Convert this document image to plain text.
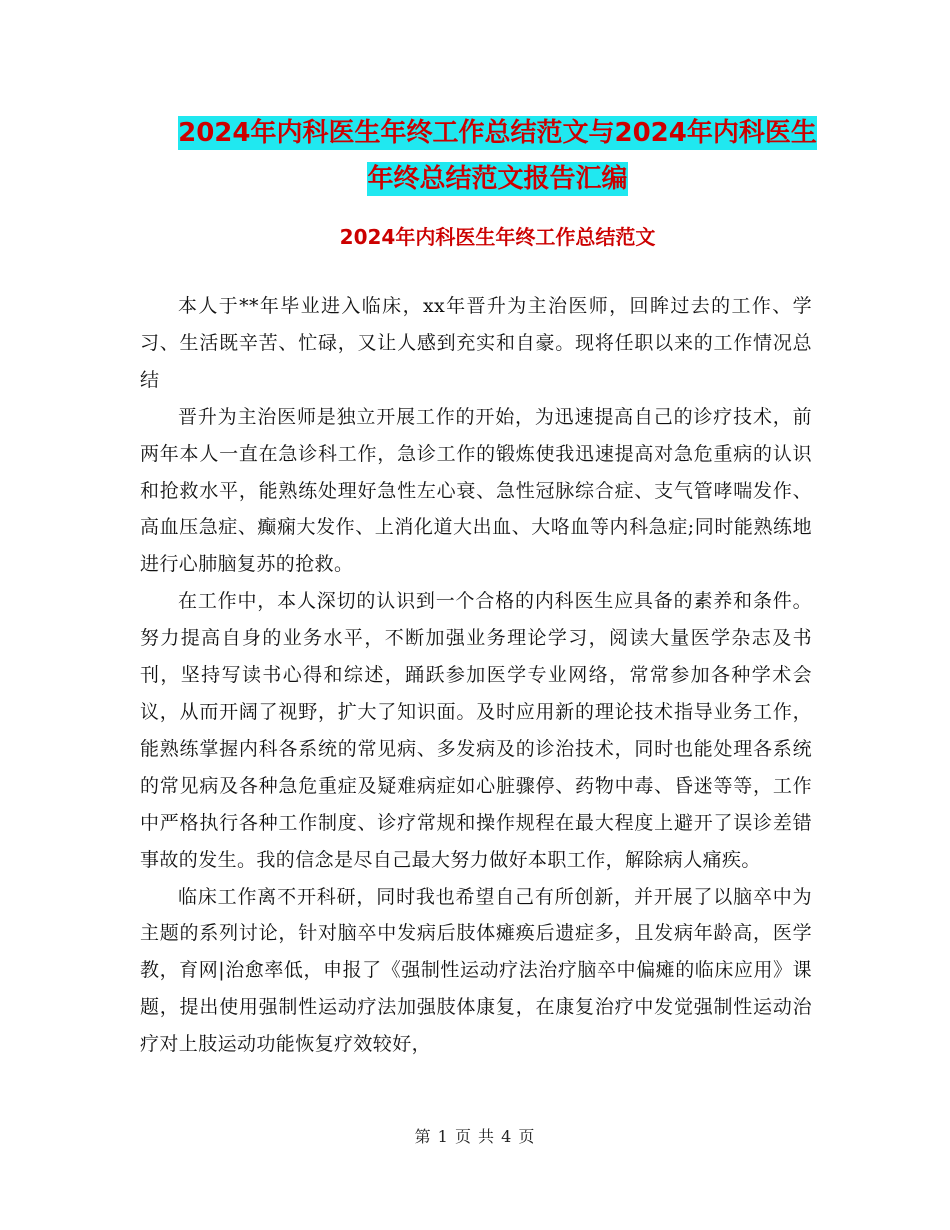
2024年内科医生年终工作总结范文与2024年内科医生
年终总结范文报告汇编
2024年内科医生年终工作总结范文

本人于**年毕业进入临床，xx年晋升为主治医师，回眸过去的工作、学习、生活既辛苦、忙碌，又让人感到充实和自豪。现将任职以来的工作情况总结

晋升为主治医师是独立开展工作的开始，为迅速提高自己的诊疗技术，前两年本人一直在急诊科工作，急诊工作的锻炼使我迅速提高对急危重病的认识和抢救水平，能熟练处理好急性左心衰、急性冠脉综合症、支气管哮喘发作、高血压急症、癫痫大发作、上消化道大出血、大咯血等内科急症;同时能熟练地进行心肺脑复苏的抢救。

在工作中，本人深切的认识到一个合格的内科医生应具备的素养和条件。努力提高自身的业务水平，不断加强业务理论学习，阅读大量医学杂志及书刊，坚持写读书心得和综述，踊跃参加医学专业网络，常常参加各种学术会议，从而开阔了视野，扩大了知识面。及时应用新的理论技术指导业务工作，能熟练掌握内科各系统的常见病、多发病及的诊治技术，同时也能处理各系统的常见病及各种急危重症及疑难病症如心脏骤停、药物中毒、昏迷等等，工作中严格执行各种工作制度、诊疗常规和操作规程在最大程度上避开了误诊差错事故的发生。我的信念是尽自己最大努力做好本职工作，解除病人痛疾。

临床工作离不开科研，同时我也希望自己有所创新，并开展了以脑卒中为主题的系列讨论，针对脑卒中发病后肢体瘫痪后遗症多，且发病年龄高，医学教，育网|治愈率低，申报了《强制性运动疗法治疗脑卒中偏瘫的临床应用》课题，提出使用强制性运动疗法加强肢体康复，在康复治疗中发觉强制性运动治疗对上肢运动功能恢复疗效较好，

第 1 页 共 4 页
